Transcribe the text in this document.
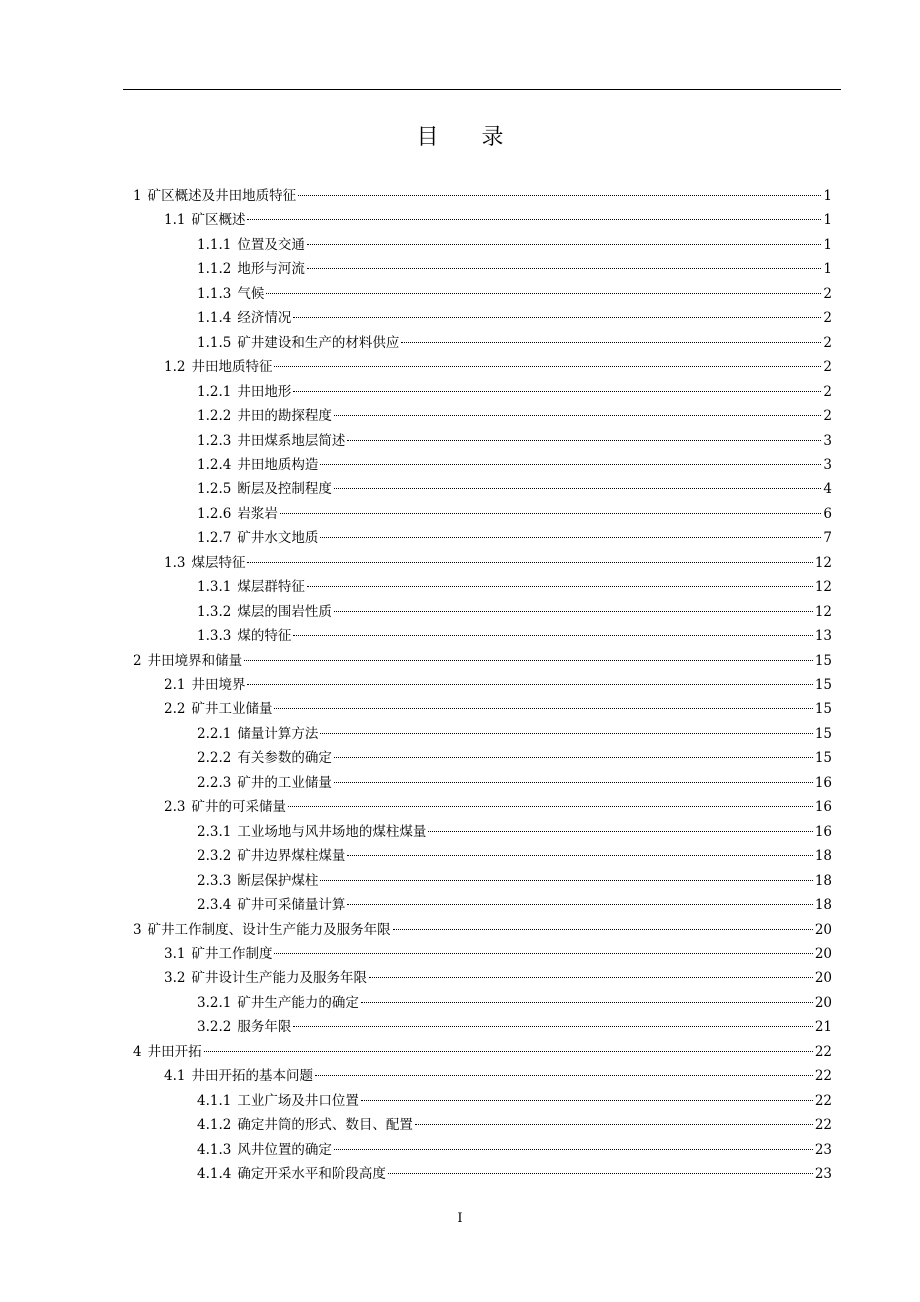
目 录
1 矿区概述及井田地质特征	1
1.1 矿区概述	1
1.1.1 位置及交通	1
1.1.2 地形与河流	1
1.1.3 气候	2
1.1.4 经济情况	2
1.1.5 矿井建设和生产的材料供应	2
1.2 井田地质特征	2
1.2.1 井田地形	2
1.2.2 井田的勘探程度	2
1.2.3 井田煤系地层简述	3
1.2.4 井田地质构造	3
1.2.5 断层及控制程度	4
1.2.6 岩浆岩	6
1.2.7 矿井水文地质	7
1.3 煤层特征	12
1.3.1 煤层群特征	12
1.3.2 煤层的围岩性质	12
1.3.3 煤的特征	13
2 井田境界和储量	15
2.1 井田境界	15
2.2 矿井工业储量	15
2.2.1 储量计算方法	15
2.2.2 有关参数的确定	15
2.2.3 矿井的工业储量	16
2.3 矿井的可采储量	16
2.3.1 工业场地与风井场地的煤柱煤量	16
2.3.2 矿井边界煤柱煤量	18
2.3.3 断层保护煤柱	18
2.3.4 矿井可采储量计算	18
3 矿井工作制度、设计生产能力及服务年限	20
3.1 矿井工作制度	20
3.2 矿井设计生产能力及服务年限	20
3.2.1 矿井生产能力的确定	20
3.2.2 服务年限	21
4 井田开拓	22
4.1 井田开拓的基本问题	22
4.1.1 工业广场及井口位置	22
4.1.2 确定井筒的形式、数目、配置	22
4.1.3 风井位置的确定	23
4.1.4 确定开采水平和阶段高度	23
I
